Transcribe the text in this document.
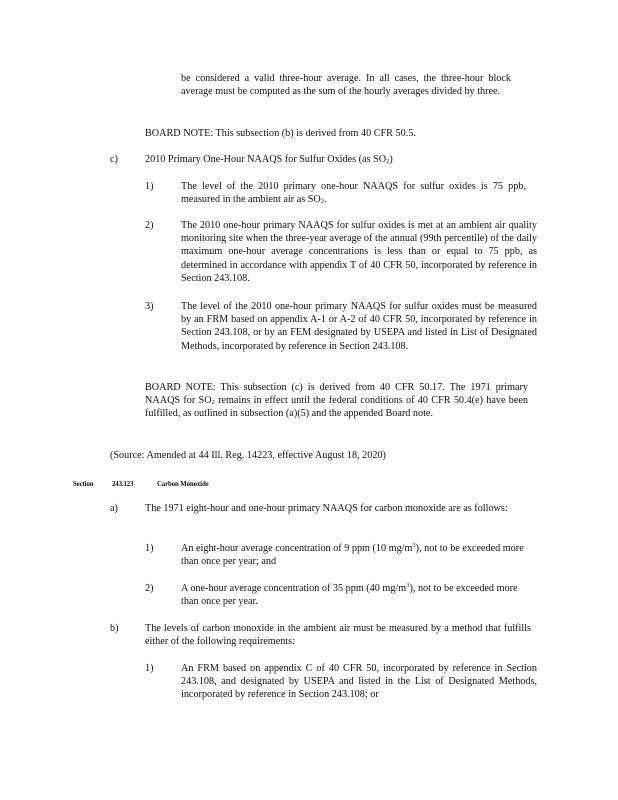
be considered a valid three-hour average. In all cases, the three-hour block average must be computed as the sum of the hourly averages divided by three.
BOARD NOTE: This subsection (b) is derived from 40 CFR 50.5.
c)	2010 Primary One-Hour NAAQS for Sulfur Oxides (as $SO_2$)
1)	The level of the 2010 primary one-hour NAAQS for sulfur oxides is 75 ppb, measured in the ambient air as $SO_2$.
2)	The 2010 one-hour primary NAAQS for sulfur oxides is met at an ambient air quality monitoring site when the three-year average of the annual (99th percentile) of the daily maximum one-hour average concentrations is less than or equal to 75 ppb, as determined in accordance with appendix T of 40 CFR 50, incorporated by reference in Section 243.108.
3)	The level of the 2010 one-hour primary NAAQS for sulfur oxides must be measured by an FRM based on appendix A-1 or A-2 of 40 CFR 50, incorporated by reference in Section 243.108, or by an FEM designated by USEPA and listed in List of Designated Methods, incorporated by reference in Section 243.108.
BOARD NOTE: This subsection (c) is derived from 40 CFR 50.17. The 1971 primary NAAQS for $SO_2$ remains in effect until the federal conditions of 40 CFR 50.4(e) have been fulfilled, as outlined in subsection (a)(5) and the appended Board note.
(Source: Amended at 44 Ill. Reg. 14223, effective August 18, 2020)
Section	243.123	Carbon Monoxide
a)	The 1971 eight-hour and one-hour primary NAAQS for carbon monoxide are as follows:
1)	An eight-hour average concentration of 9 ppm (10 $mg/m^3$), not to be exceeded more than once per year; and
2)	A one-hour average concentration of 35 ppm (40 $mg/m^3$), not to be exceeded more than once per year.
b)	The levels of carbon monoxide in the ambient air must be measured by a method that fulfills either of the following requirements:
1)	An FRM based on appendix C of 40 CFR 50, incorporated by reference in Section 243.108, and designated by USEPA and listed in the List of Designated Methods, incorporated by reference in Section 243.108; or
